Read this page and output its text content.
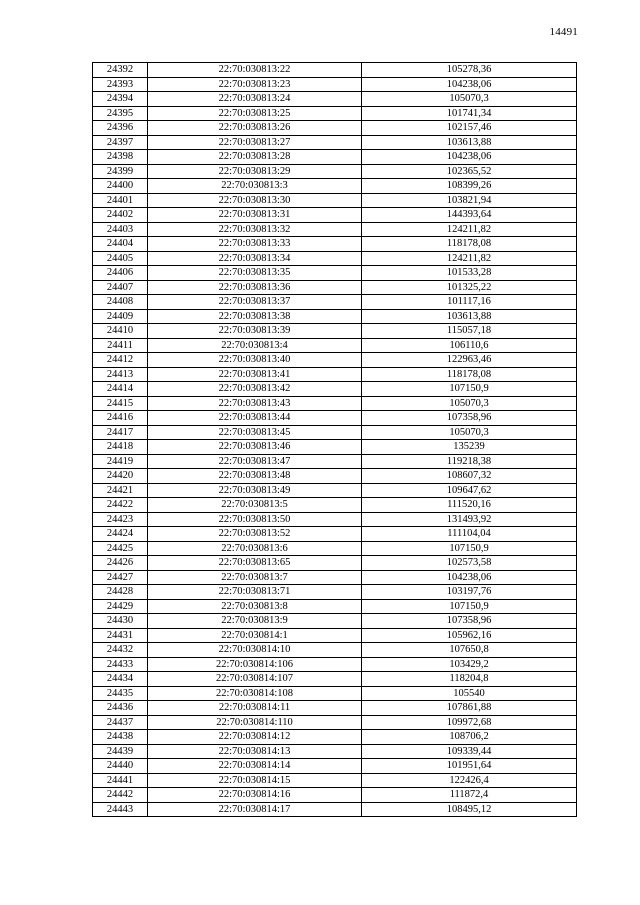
14491
24392	22:70:030813:22	105278,36
24393	22:70:030813:23	104238,06
24394	22:70:030813:24	105070,3
24395	22:70:030813:25	101741,34
24396	22:70:030813:26	102157,46
24397	22:70:030813:27	103613,88
24398	22:70:030813:28	104238,06
24399	22:70:030813:29	102365,52
24400	22:70:030813:3	108399,26
24401	22:70:030813:30	103821,94
24402	22:70:030813:31	144393,64
24403	22:70:030813:32	124211,82
24404	22:70:030813:33	118178,08
24405	22:70:030813:34	124211,82
24406	22:70:030813:35	101533,28
24407	22:70:030813:36	101325,22
24408	22:70:030813:37	101117,16
24409	22:70:030813:38	103613,88
24410	22:70:030813:39	115057,18
24411	22:70:030813:4	106110,6
24412	22:70:030813:40	122963,46
24413	22:70:030813:41	118178,08
24414	22:70:030813:42	107150,9
24415	22:70:030813:43	105070,3
24416	22:70:030813:44	107358,96
24417	22:70:030813:45	105070,3
24418	22:70:030813:46	135239
24419	22:70:030813:47	119218,38
24420	22:70:030813:48	108607,32
24421	22:70:030813:49	109647,62
24422	22:70:030813:5	111520,16
24423	22:70:030813:50	131493,92
24424	22:70:030813:52	111104,04
24425	22:70:030813:6	107150,9
24426	22:70:030813:65	102573,58
24427	22:70:030813:7	104238,06
24428	22:70:030813:71	103197,76
24429	22:70:030813:8	107150,9
24430	22:70:030813:9	107358,96
24431	22:70:030814:1	105962,16
24432	22:70:030814:10	107650,8
24433	22:70:030814:106	103429,2
24434	22:70:030814:107	118204,8
24435	22:70:030814:108	105540
24436	22:70:030814:11	107861,88
24437	22:70:030814:110	109972,68
24438	22:70:030814:12	108706,2
24439	22:70:030814:13	109339,44
24440	22:70:030814:14	101951,64
24441	22:70:030814:15	122426,4
24442	22:70:030814:16	111872,4
24443	22:70:030814:17	108495,12
